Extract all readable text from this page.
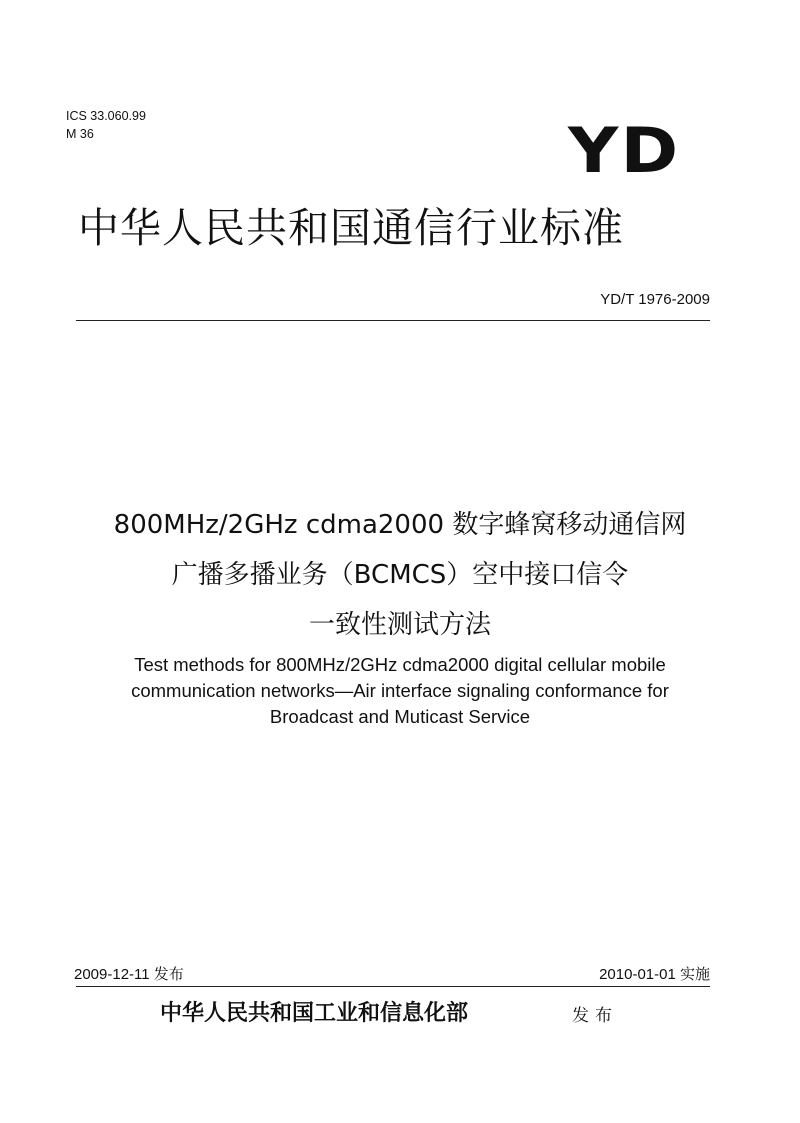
ICS 33.060.99
M 36	YD
中华人民共和国通信行业标准
YD/T 1976-2009
800MHz/2GHz cdma2000 数字蜂窝移动通信网
广播多播业务（BCMCS）空中接口信令
一致性测试方法
Test methods for 800MHz/2GHz cdma2000 digital cellular mobile
communication networks—Air interface signaling conformance for
Broadcast and Muticast Service
2009-12-11 发布	2010-01-01 实施
中华人民共和国工业和信息化部	发布
